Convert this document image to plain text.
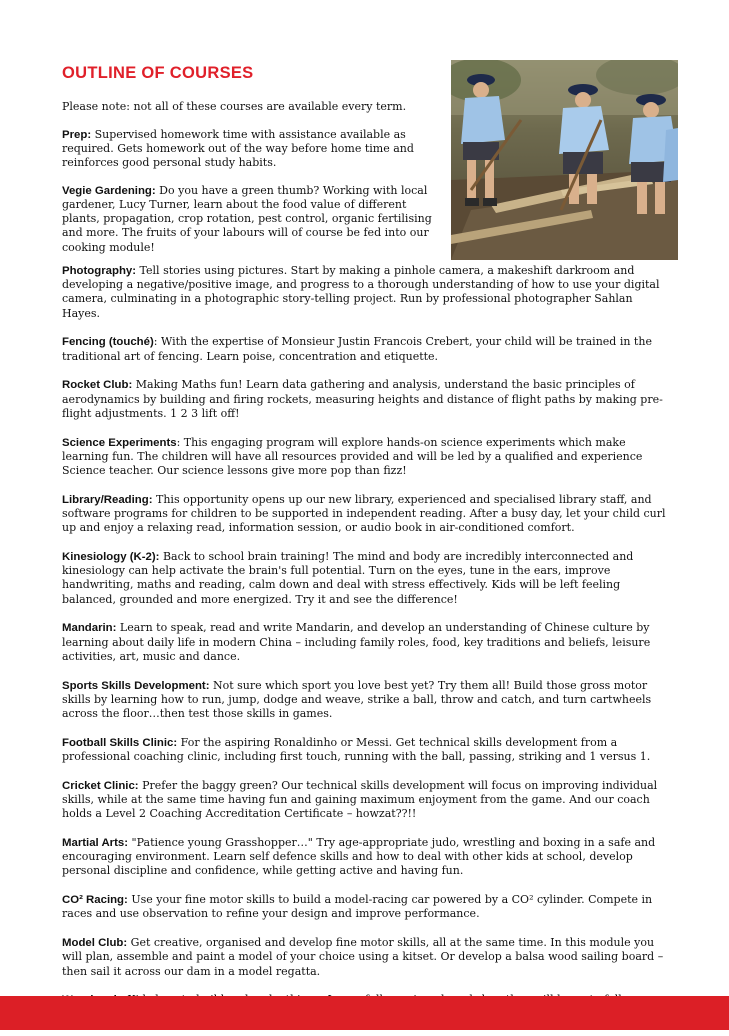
OUTLINE OF COURSES

Please note: not all of these courses are available every term.

Prep: Supervised homework time with assistance available as required. Gets homework out of the way before home time and reinforces good personal study habits.

Vegie Gardening: Do you have a green thumb? Working with local gardener, Lucy Turner, learn about the food value of different plants, propagation, crop rotation, pest control, organic fertilising and more. The fruits of your labours will of course be fed into our cooking module!

Photography: Tell stories using pictures. Start by making a pinhole camera, a makeshift darkroom and developing a negative/positive image, and progress to a thorough understanding of how to use your digital camera, culminating in a photographic story-telling project. Run by professional photographer Sahlan Hayes.

Fencing (touché): With the expertise of Monsieur Justin Francois Crebert, your child will be trained in the traditional art of fencing. Learn poise, concentration and etiquette.

Rocket Club: Making Maths fun! Learn data gathering and analysis, understand the basic principles of aerodynamics by building and firing rockets, measuring heights and distance of flight paths by making pre-flight adjustments. 1 2 3 lift off!

Science Experiments: This engaging program will explore hands-on science experiments which make learning fun. The children will have all resources provided and will be led by a qualified and experience Science teacher. Our science lessons give more pop than fizz!

Library/Reading: This opportunity opens up our new library, experienced and specialised library staff, and software programs for children to be supported in independent reading. After a busy day, let your child curl up and enjoy a relaxing read, information session, or audio book in air-conditioned comfort.

Kinesiology (K-2): Back to school brain training! The mind and body are incredibly interconnected and kinesiology can help activate the brain's full potential. Turn on the eyes, tune in the ears, improve handwriting, maths and reading, calm down and deal with stress effectively. Kids will be left feeling balanced, grounded and more energized. Try it and see the difference!

Mandarin: Learn to speak, read and write Mandarin, and develop an understanding of Chinese culture by learning about daily life in modern China – including family roles, food, key traditions and beliefs, leisure activities, art, music and dance.

Sports Skills Development: Not sure which sport you love best yet? Try them all! Build those gross motor skills by learning how to run, jump, dodge and weave, strike a ball, throw and catch, and turn cartwheels across the floor…then test those skills in games.

Football Skills Clinic: For the aspiring Ronaldinho or Messi. Get technical skills development from a professional coaching clinic, including first touch, running with the ball, passing, striking and 1 versus 1.

Cricket Clinic: Prefer the baggy green? Our technical skills development will focus on improving individual skills, while at the same time having fun and gaining maximum enjoyment from the game. And our coach holds a Level 2 Coaching Accreditation Certificate – howzat??!!

Martial Arts: "Patience young Grasshopper…" Try age-appropriate judo, wrestling and boxing in a safe and encouraging environment. Learn self defence skills and how to deal with other kids at school, develop personal discipline and confidence, while getting active and having fun.

CO² Racing: Use your fine motor skills to build a model-racing car powered by a CO² cylinder. Compete in races and use observation to refine your design and improve performance.

Model Club: Get creative, organised and develop fine motor skills, all at the same time. In this module you will plan, assemble and paint a model of your choice using a kitset. Or develop a balsa wood sailing board – then sail it across our dam in a model regatta.
